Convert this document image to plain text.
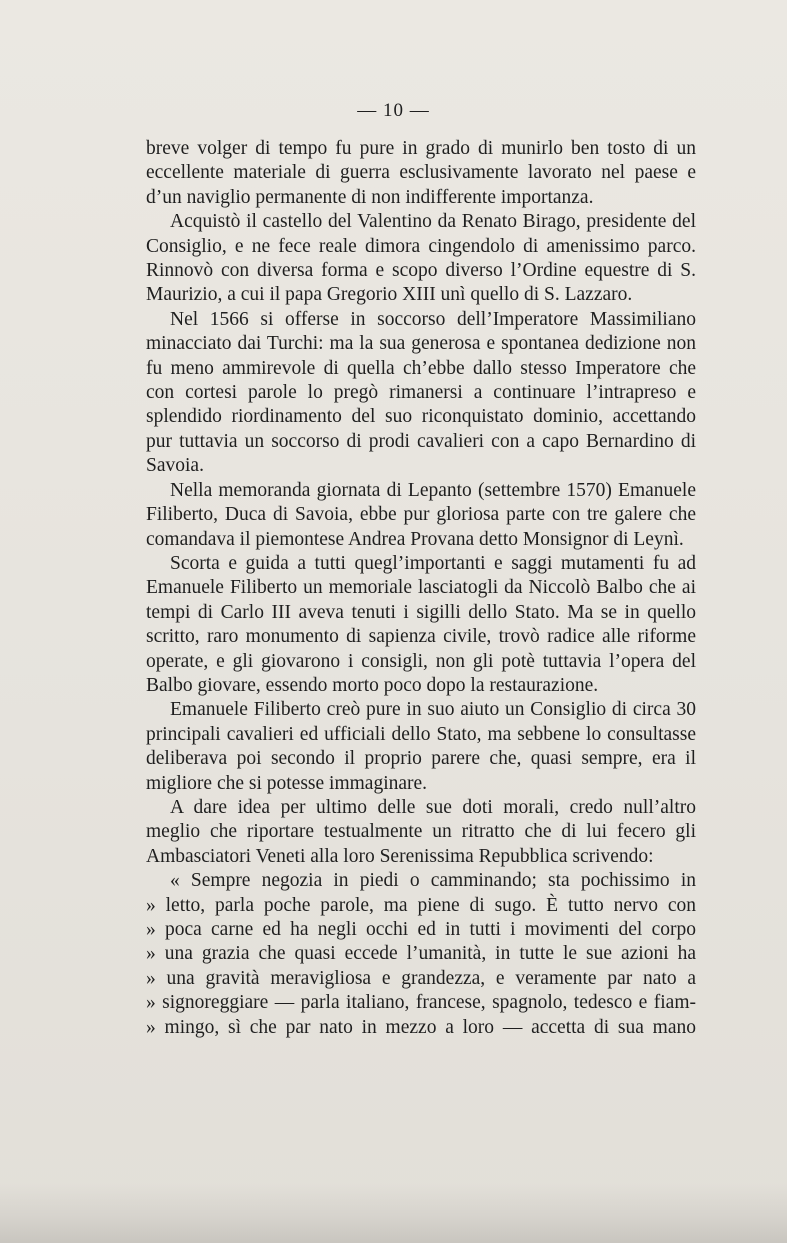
— 10 —

breve volger di tempo fu pure in grado di munirlo ben tosto di un eccellente materiale di guerra esclusivamente lavorato nel paese e d’un naviglio permanente di non indifferente importanza.

Acquistò il castello del Valentino da Renato Birago, presidente del Consiglio, e ne fece reale dimora cingendolo di amenissimo parco. Rinnovò con diversa forma e scopo diverso l’Ordine equestre di S. Maurizio, a cui il papa Gregorio XIII unì quello di S. Lazzaro.

Nel 1566 si offerse in soccorso dell’Imperatore Massimiliano minacciato dai Turchi: ma la sua generosa e spontanea dedizione non fu meno ammirevole di quella ch’ebbe dallo stesso Imperatore che con cortesi parole lo pregò rimanersi a continuare l’intrapreso e splendido riordinamento del suo riconquistato dominio, accettando pur tuttavia un soccorso di prodi cavalieri con a capo Bernardino di Savoia.

Nella memoranda giornata di Lepanto (settembre 1570) Emanuele Filiberto, Duca di Savoia, ebbe pur gloriosa parte con tre galere che comandava il piemontese Andrea Provana detto Monsignor di Leynì.

Scorta e guida a tutti quegl’importanti e saggi mutamenti fu ad Emanuele Filiberto un memoriale lasciatogli da Niccolò Balbo che ai tempi di Carlo III aveva tenuti i sigilli dello Stato. Ma se in quello scritto, raro monumento di sapienza civile, trovò radice alle riforme operate, e gli giovarono i consigli, non gli potè tuttavia l’opera del Balbo giovare, essendo morto poco dopo la restaurazione.

Emanuele Filiberto creò pure in suo aiuto un Consiglio di circa 30 principali cavalieri ed ufficiali dello Stato, ma sebbene lo consultasse deliberava poi secondo il proprio parere che, quasi sempre, era il migliore che si potesse immaginare.

A dare idea per ultimo delle sue doti morali, credo null’altro meglio che riportare testualmente un ritratto che di lui fecero gli Ambasciatori Veneti alla loro Serenissima Repubblica scrivendo:

« Sempre negozia in piedi o camminando; sta pochissimo in
» letto, parla poche parole, ma piene di sugo. È tutto nervo con
» poca carne ed ha negli occhi ed in tutti i movimenti del corpo
» una grazia che quasi eccede l’umanità, in tutte le sue azioni ha
» una gravità meravigliosa e grandezza, e veramente par nato a
» signoreggiare — parla italiano, francese, spagnolo, tedesco e fiam-
» mingo, sì che par nato in mezzo a loro — accetta di sua mano
